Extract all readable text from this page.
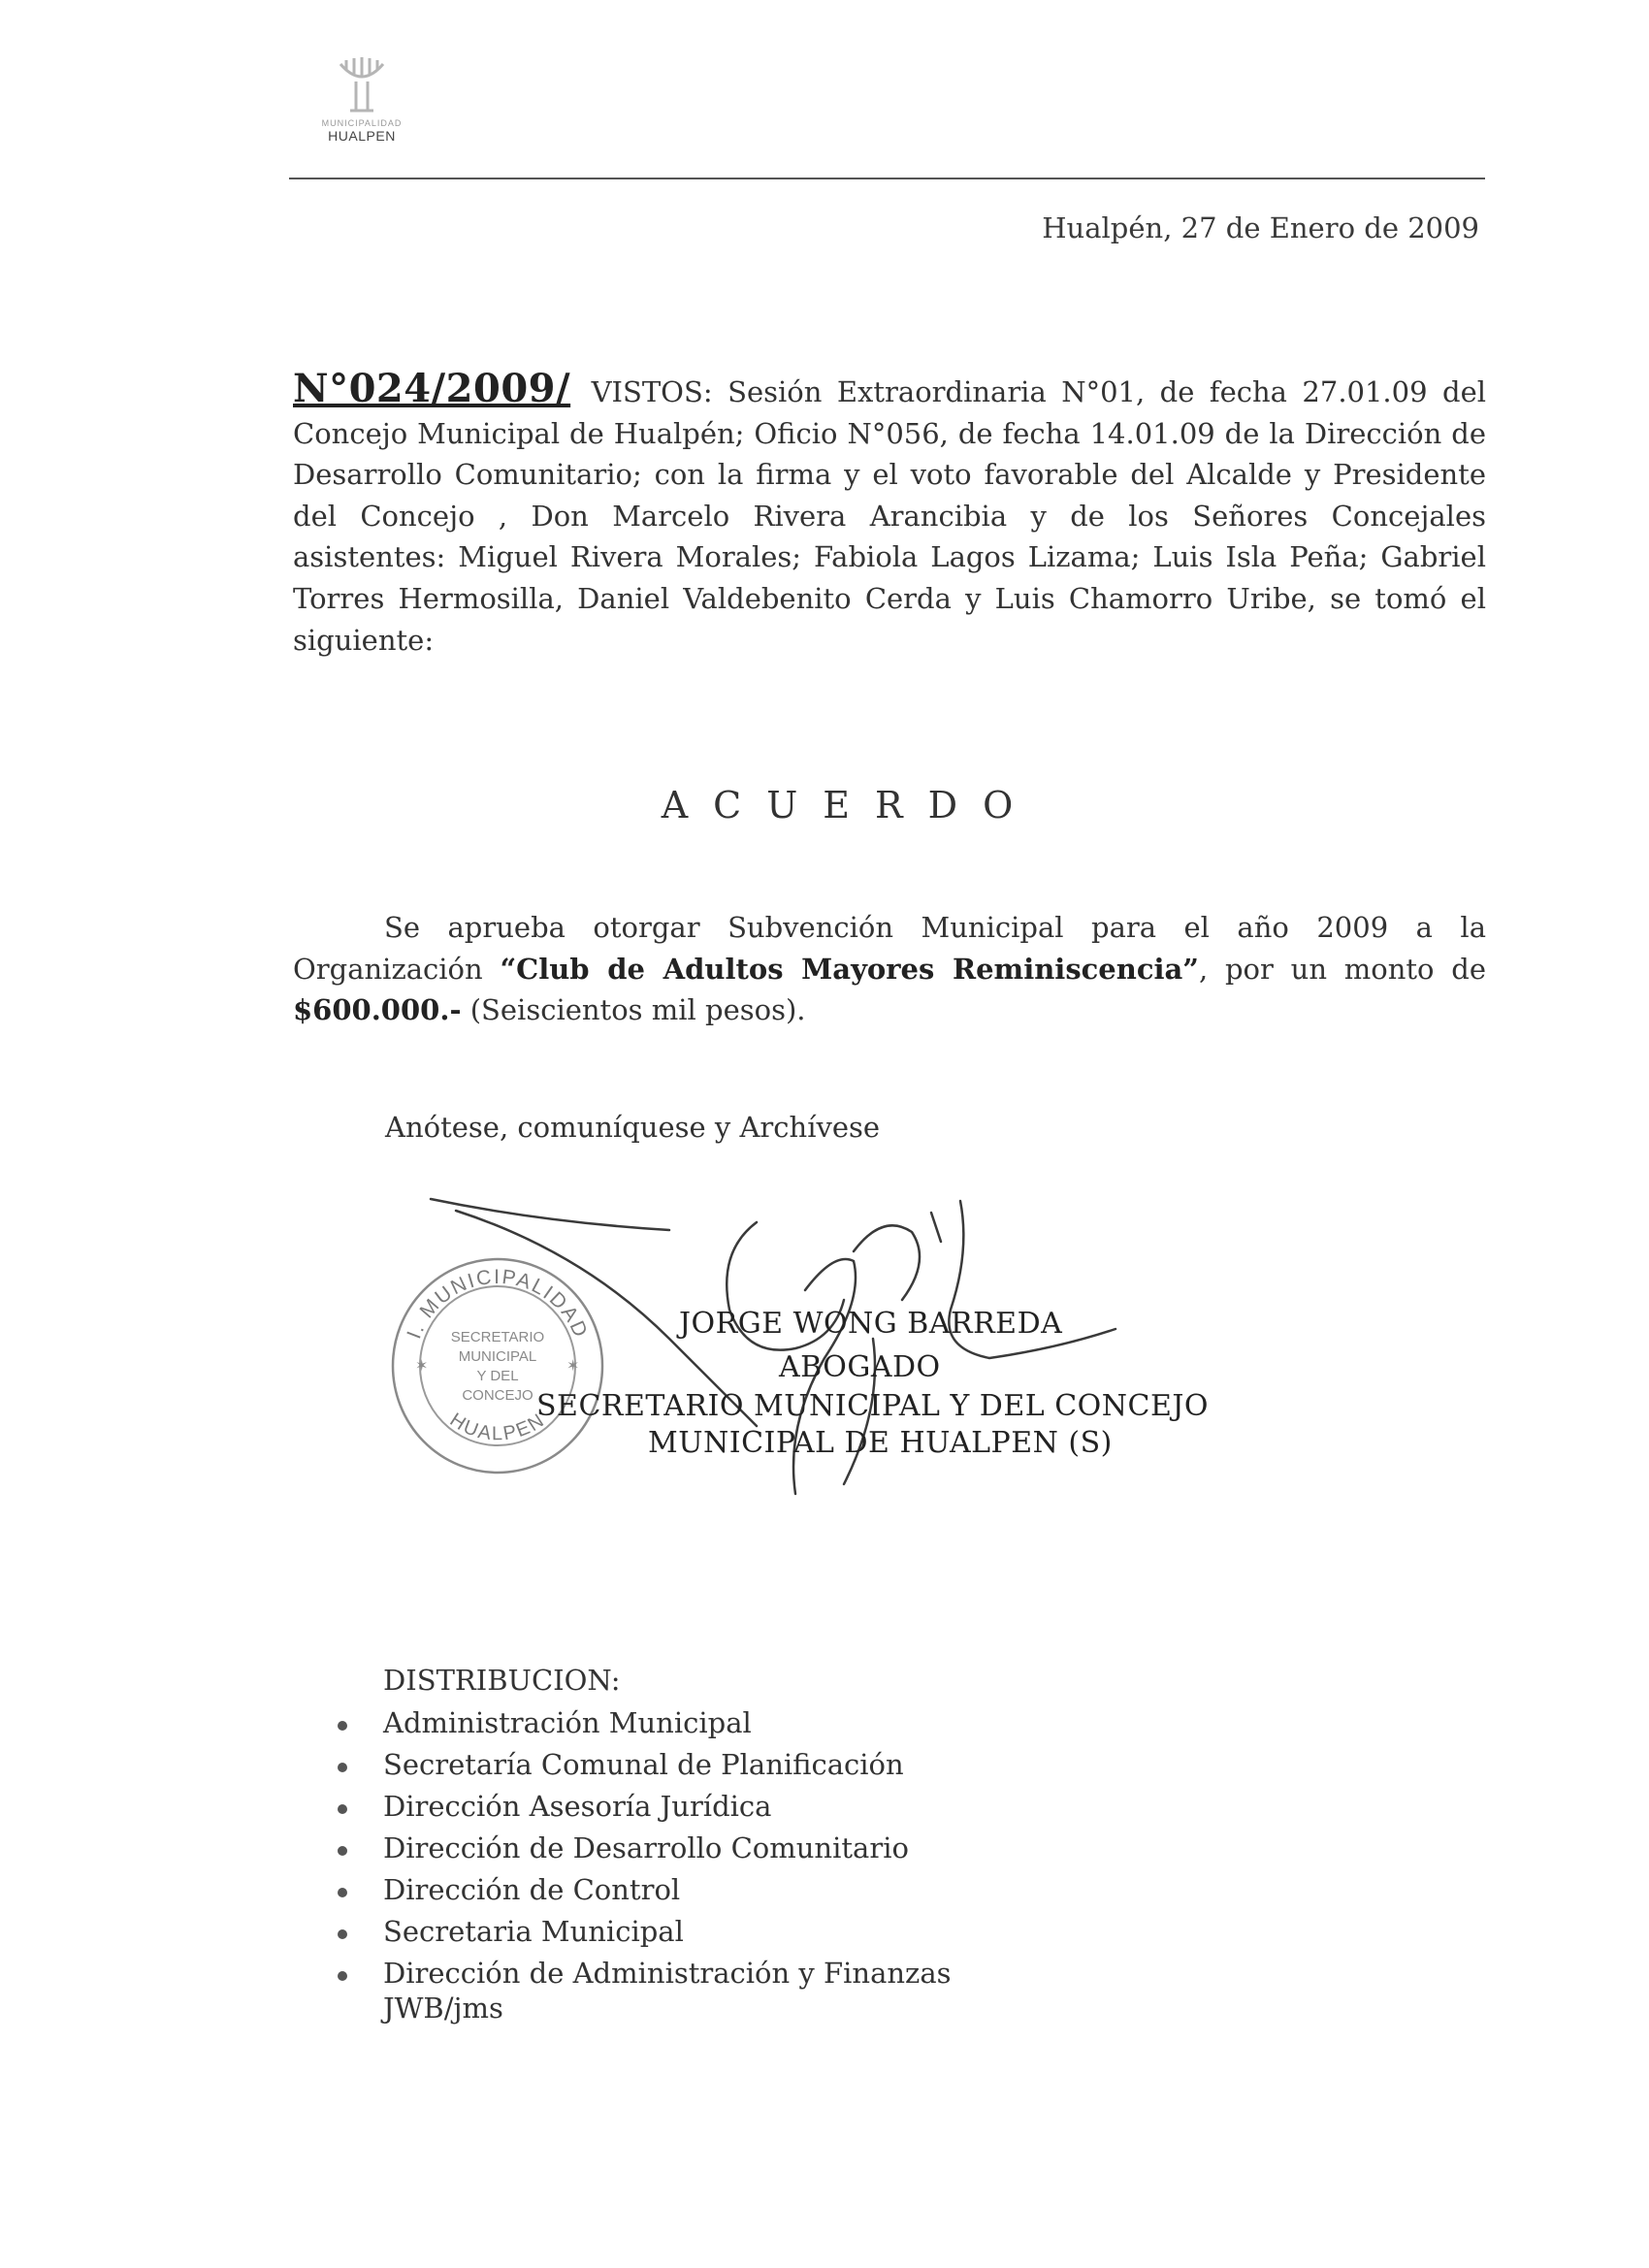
MUNICIPALIDAD
HUALPEN
Hualpén, 27 de Enero de 2009
N°024/2009/ VISTOS: Sesión Extraordinaria N°01, de fecha 27.01.09 del Concejo Municipal de Hualpén; Oficio N°056, de fecha 14.01.09 de la Dirección de Desarrollo Comunitario; con la firma y el voto favorable del Alcalde y Presidente del Concejo , Don Marcelo Rivera Arancibia y de los Señores Concejales asistentes: Miguel Rivera Morales; Fabiola Lagos Lizama; Luis Isla Peña; Gabriel Torres Hermosilla, Daniel Valdebenito Cerda y Luis Chamorro Uribe, se tomó el siguiente:
ACUERDO
Se aprueba otorgar Subvención Municipal para el año 2009 a la Organización “Club de Adultos Mayores Reminiscencia”, por un monto de $600.000.- (Seiscientos mil pesos).
Anótese, comuníquese y Archívese
I. MUNICIPALIDAD
HUALPEN
SECRETARIO
MUNICIPAL
Y DEL
CONCEJO
✶	✶
JORGE WONG BARREDA
ABOGADO
SECRETARIO MUNICIPAL Y DEL CONCEJO
MUNICIPAL DE HUALPEN (S)
DISTRIBUCION:
Administración Municipal
Secretaría Comunal de Planificación
Dirección Asesoría Jurídica
Dirección de Desarrollo Comunitario
Dirección de Control
Secretaria Municipal
Dirección de Administración y Finanzas
JWB/jms
